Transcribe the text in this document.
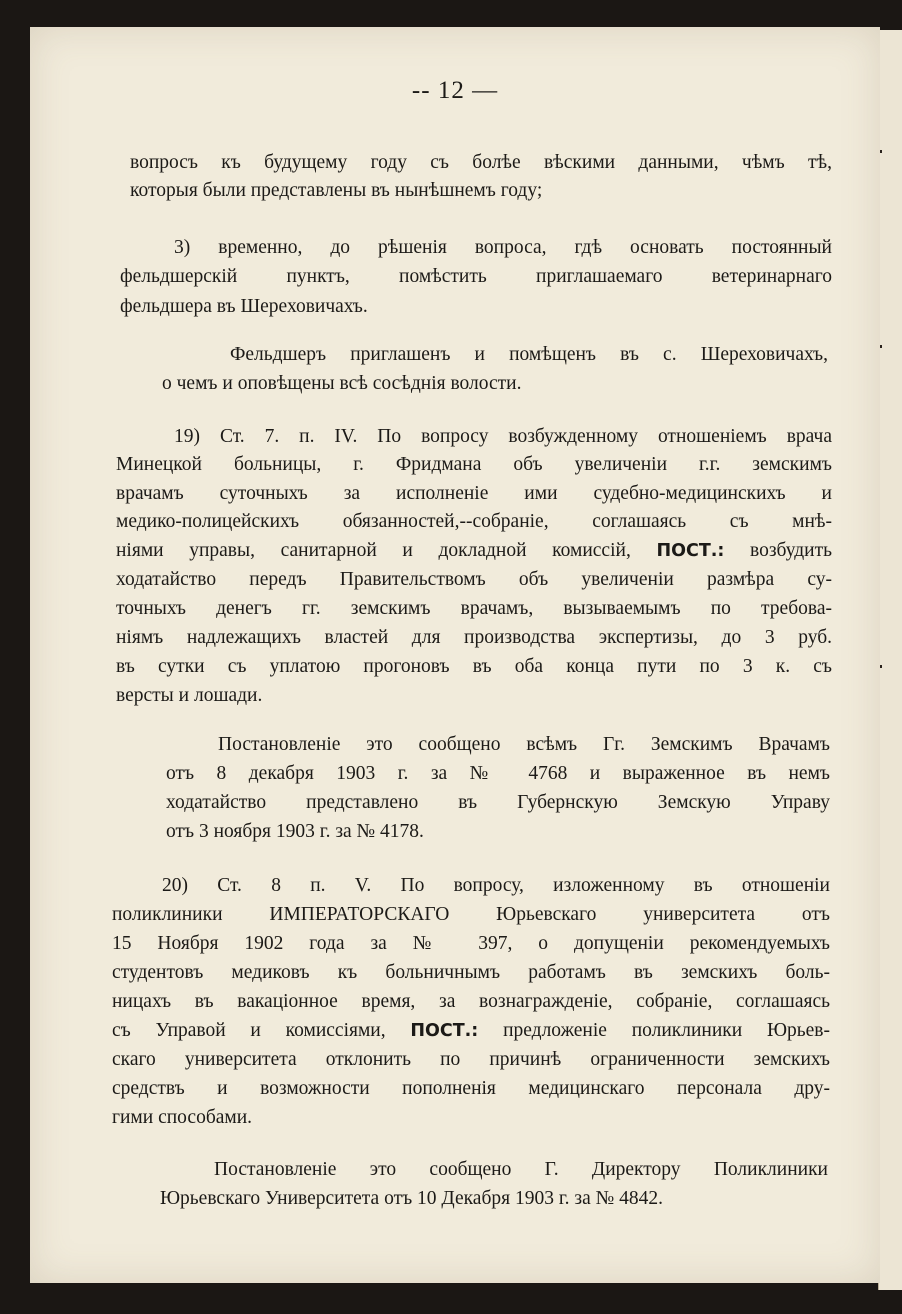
-- 12 —

вопросъ къ будущему году съ болѣе вѣскими данными, чѣмъ тѣ,

которыя были представлены въ нынѣшнемъ году;

3) временно, до рѣшенія вопроса, гдѣ основать постоянный

фельдшерскій пунктъ, помѣстить приглашаемаго ветеринарнаго

фельдшера въ Шереховичахъ.

Фельдшеръ приглашенъ и помѣщенъ въ с. Шереховичахъ,

о чемъ и оповѣщены всѣ сосѣднія волости.

19) Ст. 7. п. IV. По вопросу возбужденному отношеніемъ врача

Минецкой больницы, г. Фридмана объ увеличеніи г.г. земскимъ

врачамъ суточныхъ за исполненіе ими судебно-медицинскихъ и

медико-полицейскихъ обязанностей,--собраніе, соглашаясь съ мнѣ-

ніями управы, санитарной и докладной комиссій, ПОСТ.: возбудить

ходатайство передъ Правительствомъ объ увеличеніи размѣра су-

точныхъ денегъ гг. земскимъ врачамъ, вызываемымъ по требова-

ніямъ надлежащихъ властей для производства экспертизы, до 3 руб.

въ сутки съ уплатою прогоновъ въ оба конца пути по 3 к. съ

версты и лошади.

Постановленіе это сообщено всѣмъ Гг. Земскимъ Врачамъ

отъ 8 декабря 1903 г. за № 4768 и выраженное въ немъ

ходатайство представлено въ Губернскую Земскую Управу

отъ 3 ноября 1903 г. за № 4178.

20) Ст. 8 п. V. По вопросу, изложенному въ отношеніи

поликлиники ИМПЕРАТОРСКАГО Юрьевскаго университета отъ

15 Ноября 1902 года за № 397, о допущеніи рекомендуемыхъ

студентовъ медиковъ къ больничнымъ работамъ въ земскихъ боль-

ницахъ въ вакаціонное время, за вознагражденіе, собраніе, соглашаясь

съ Управой и комиссіями, ПОСТ.: предложеніе поликлиники Юрьев-

скаго университета отклонить по причинѣ ограниченности земскихъ

средствъ и возможности пополненія медицинскаго персонала дру-

гими способами.

Постановленіе это сообщено Г. Директору Поликлиники

Юрьевскаго Университета отъ 10 Декабря 1903 г. за № 4842.
